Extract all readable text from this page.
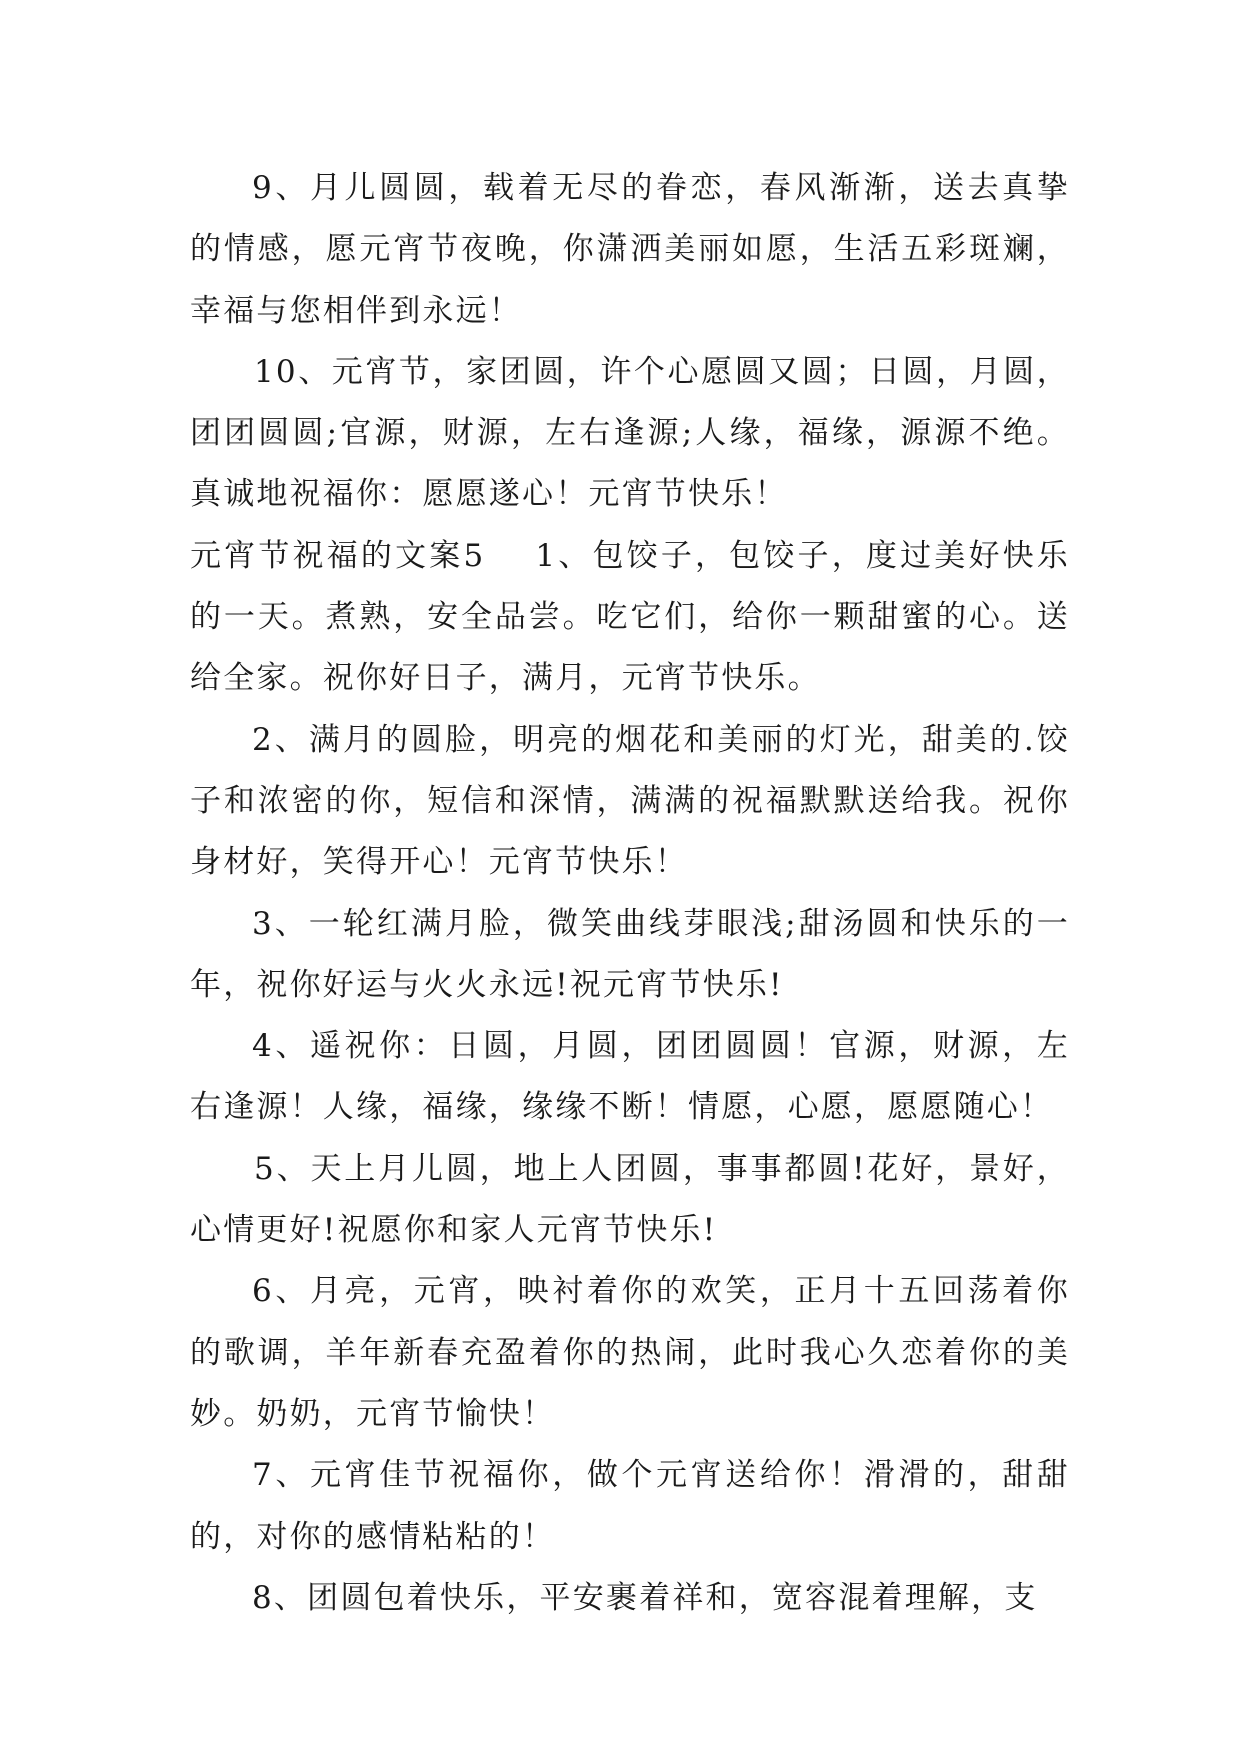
9、月儿圆圆，载着无尽的眷恋，春风渐渐，送去真挚的情感，愿元宵节夜晚，你潇洒美丽如愿，生活五彩斑斓，幸福与您相伴到永远！

10、元宵节，家团圆，许个心愿圆又圆；日圆，月圆，团团圆圆;官源，财源，左右逢源;人缘，福缘，源源不绝。真诚地祝福你：愿愿遂心！元宵节快乐！

元宵节祝福的文案5 1、包饺子，包饺子，度过美好快乐的一天。煮熟，安全品尝。吃它们，给你一颗甜蜜的心。送给全家。祝你好日子，满月，元宵节快乐。

2、满月的圆脸，明亮的烟花和美丽的灯光，甜美的.饺子和浓密的你，短信和深情，满满的祝福默默送给我。祝你身材好，笑得开心！元宵节快乐！

3、一轮红满月脸，微笑曲线芽眼浅;甜汤圆和快乐的一年，祝你好运与火火永远!祝元宵节快乐!

4、遥祝你：日圆，月圆，团团圆圆！官源，财源，左右逢源！人缘，福缘，缘缘不断！情愿，心愿，愿愿随心！

5、天上月儿圆，地上人团圆，事事都圆!花好，景好，心情更好!祝愿你和家人元宵节快乐!

6、月亮，元宵，映衬着你的欢笑，正月十五回荡着你的歌调，羊年新春充盈着你的热闹，此时我心久恋着你的美妙。奶奶，元宵节愉快！

7、元宵佳节祝福你，做个元宵送给你！滑滑的，甜甜的，对你的感情粘粘的！

8、团圆包着快乐，平安裹着祥和，宽容混着理解，支
